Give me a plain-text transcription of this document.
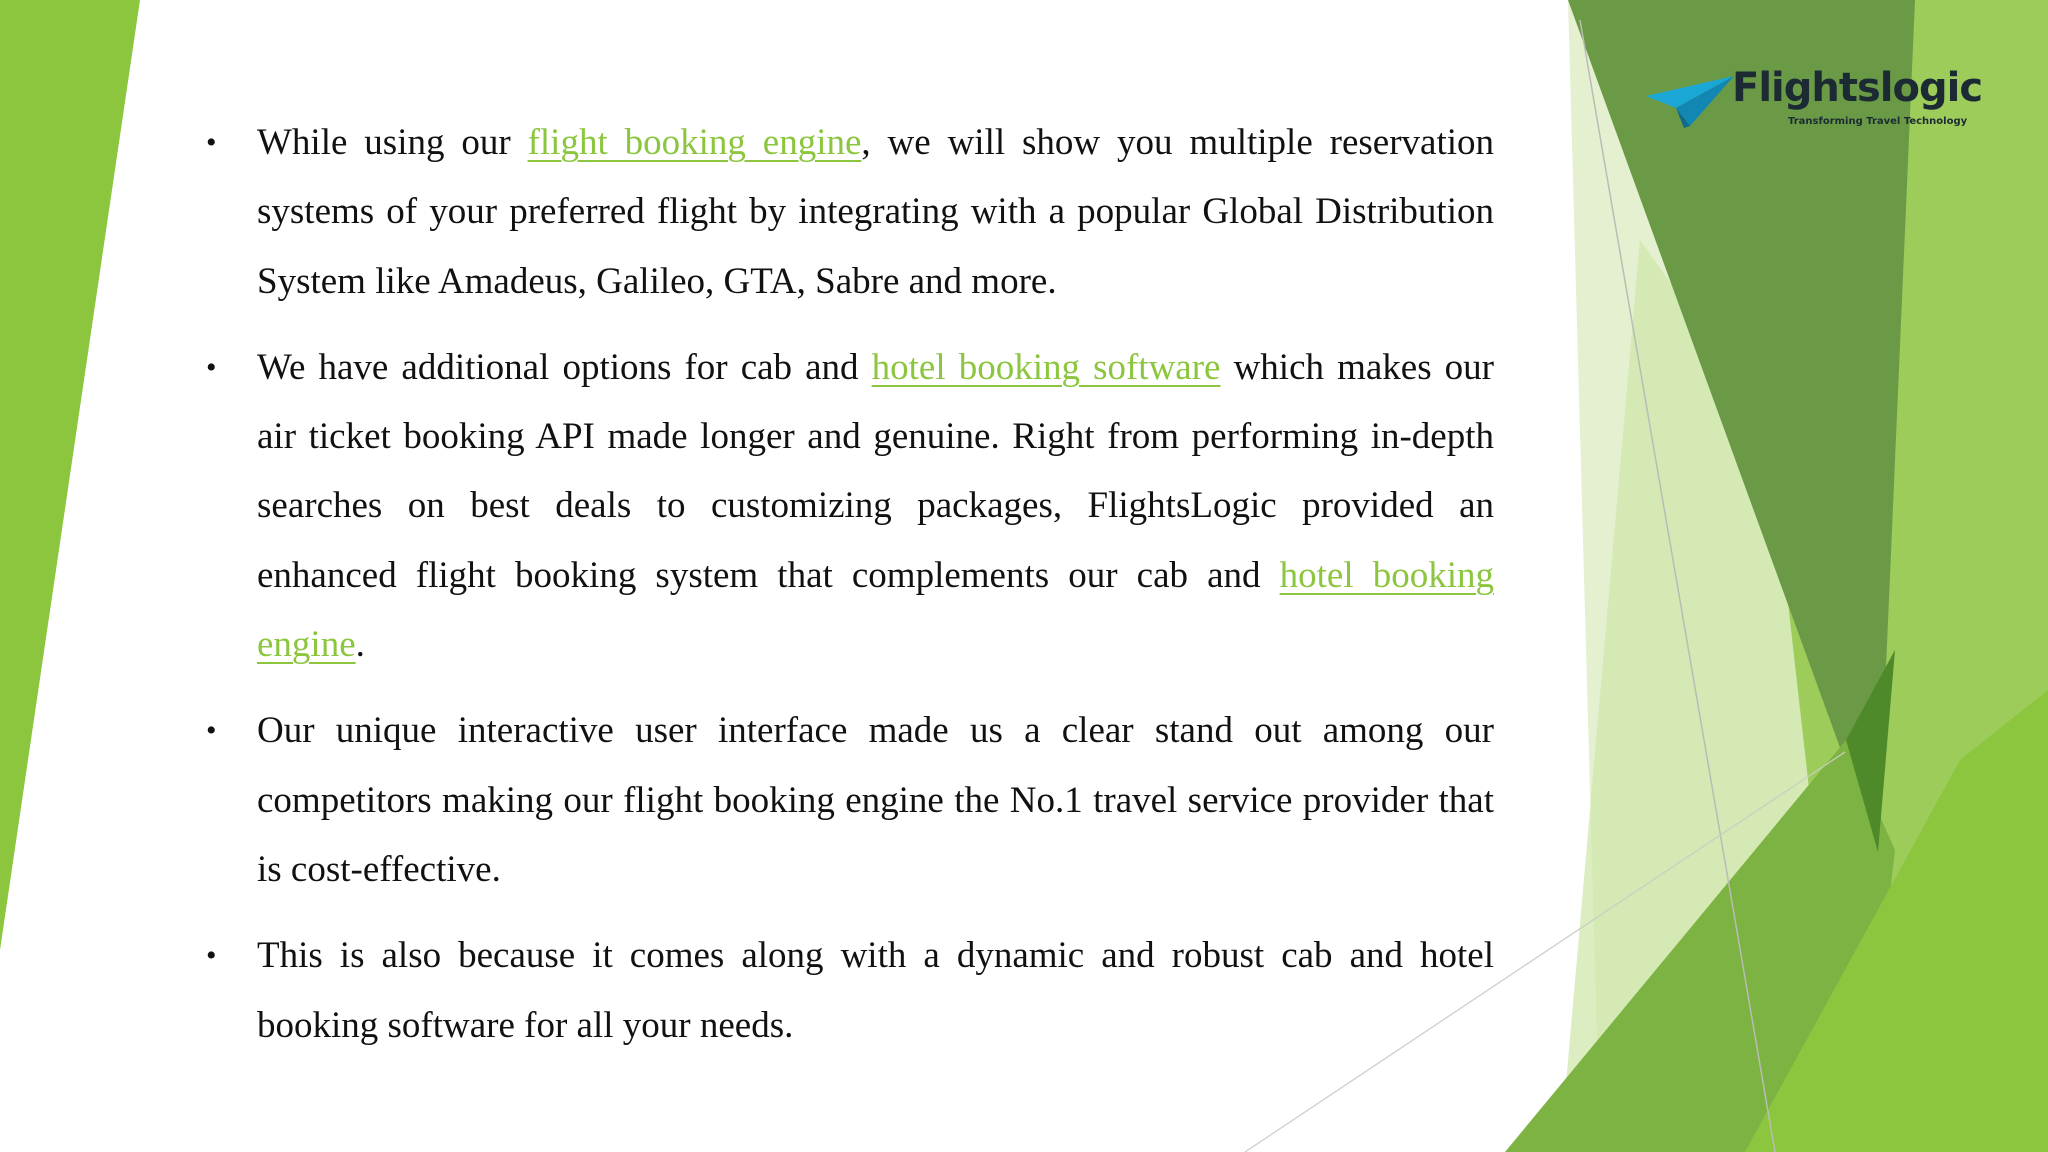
Flightslogic
Transforming Travel Technology
• While using our flight booking engine, we will show you multiple reservation systems of your preferred flight by integrating with a popular Global Distribution System like Amadeus, Galileo, GTA, Sabre and more.
• We have additional options for cab and hotel booking software which makes our air ticket booking API made longer and genuine. Right from performing in-depth searches on best deals to customizing packages, FlightsLogic provided an enhanced flight booking system that complements our cab and hotel booking engine.
• Our unique interactive user interface made us a clear stand out among our competitors making our flight booking engine the No.1 travel service provider that is cost-effective.
• This is also because it comes along with a dynamic and robust cab and hotel booking software for all your needs.
